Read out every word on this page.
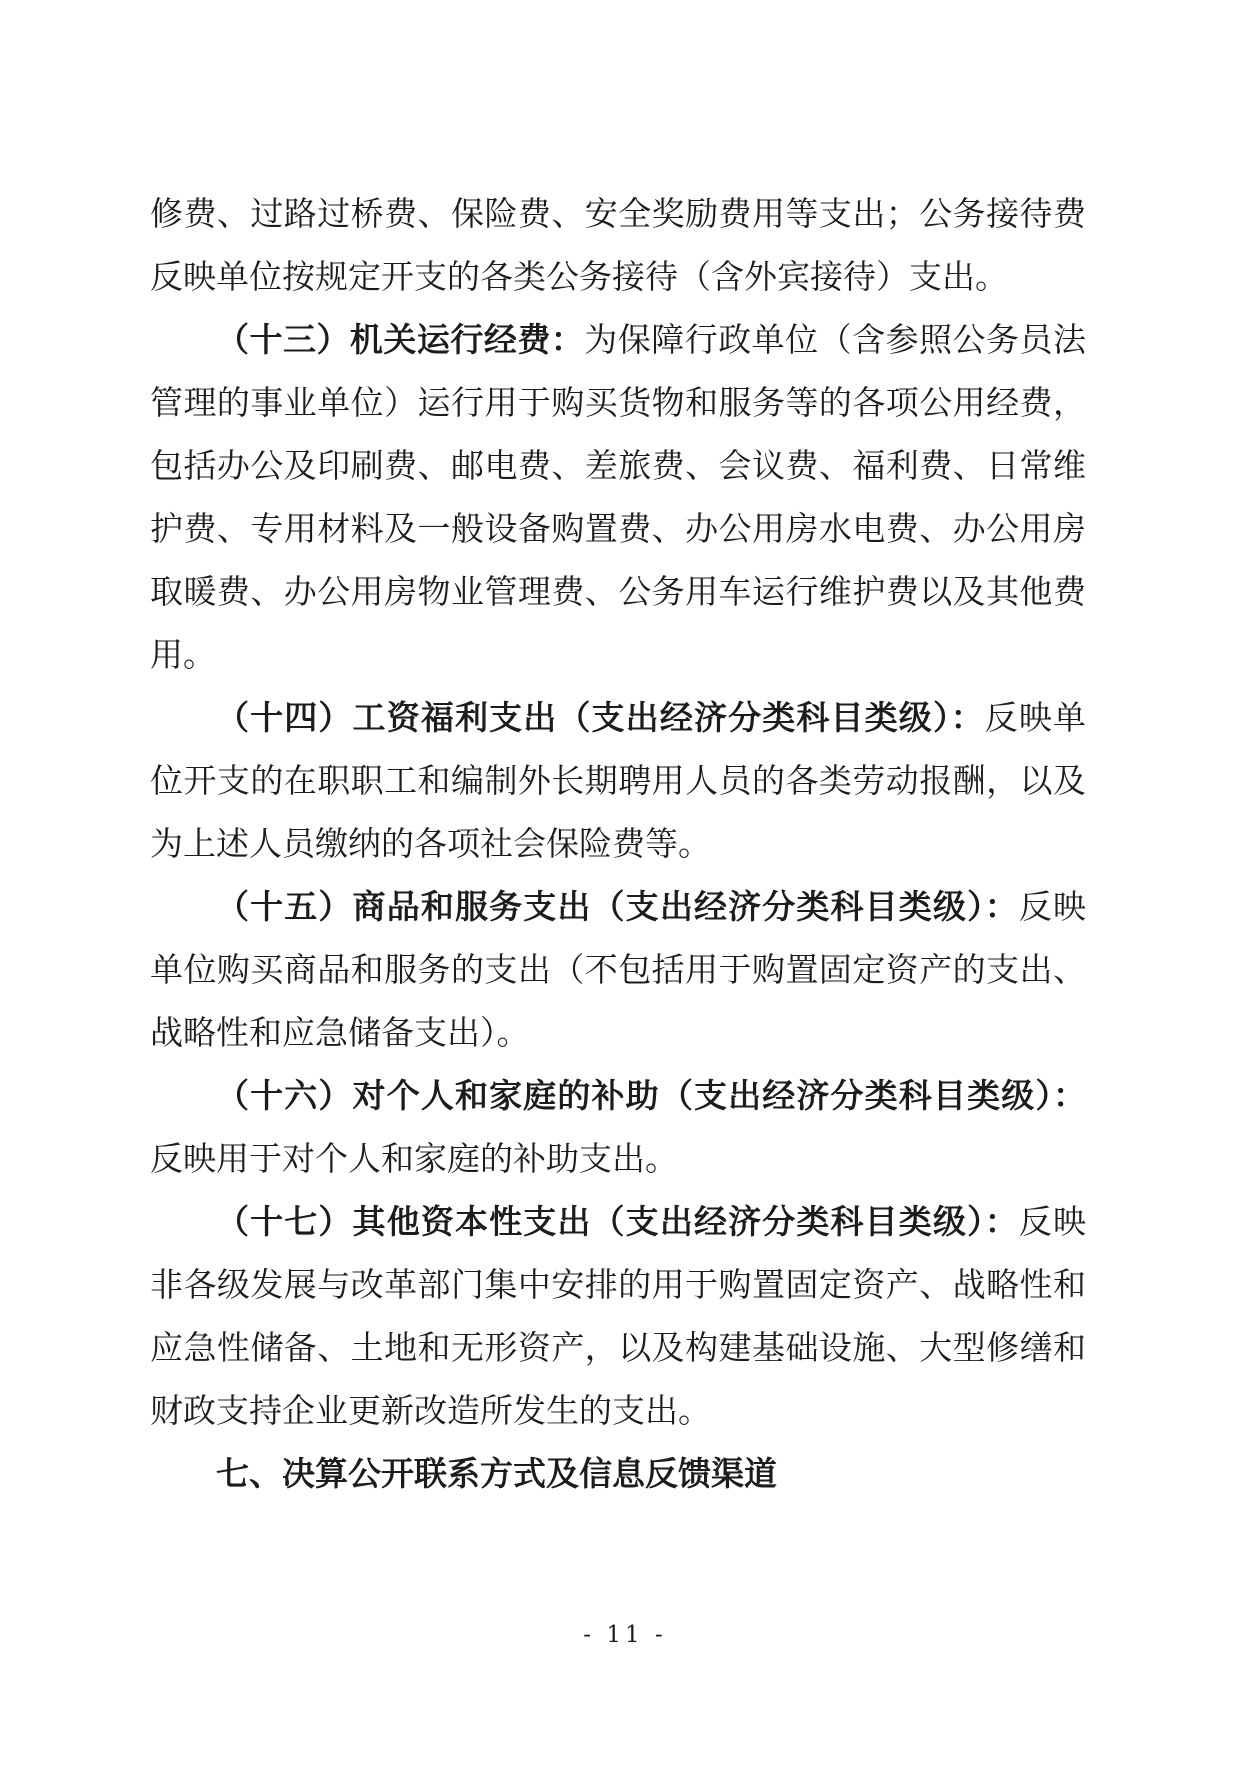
修费、过路过桥费、保险费、安全奖励费用等支出；公务接待费反映单位按规定开支的各类公务接待（含外宾接待）支出。

（十三）机关运行经费：为保障行政单位（含参照公务员法管理的事业单位）运行用于购买货物和服务等的各项公用经费，包括办公及印刷费、邮电费、差旅费、会议费、福利费、日常维护费、专用材料及一般设备购置费、办公用房水电费、办公用房取暖费、办公用房物业管理费、公务用车运行维护费以及其他费用。

（十四）工资福利支出（支出经济分类科目类级）：反映单位开支的在职职工和编制外长期聘用人员的各类劳动报酬，以及为上述人员缴纳的各项社会保险费等。

（十五）商品和服务支出（支出经济分类科目类级）：反映单位购买商品和服务的支出（不包括用于购置固定资产的支出、战略性和应急储备支出）。

（十六）对个人和家庭的补助（支出经济分类科目类级）：反映用于对个人和家庭的补助支出。

（十七）其他资本性支出（支出经济分类科目类级）：反映非各级发展与改革部门集中安排的用于购置固定资产、战略性和应急性储备、土地和无形资产，以及构建基础设施、大型修缮和财政支持企业更新改造所发生的支出。

七、决算公开联系方式及信息反馈渠道

- 11 -
